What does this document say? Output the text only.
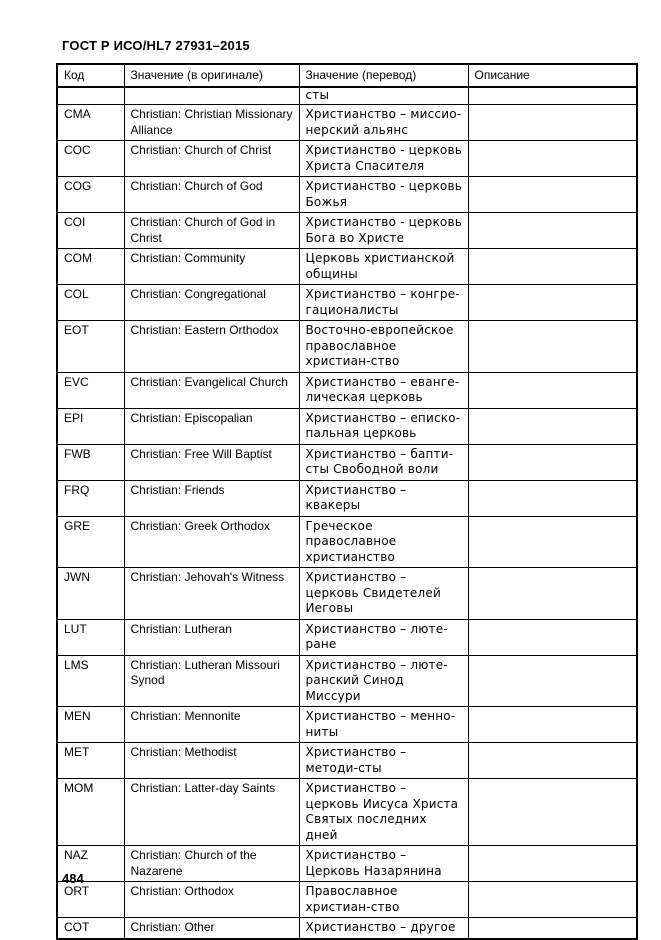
ГОСТ Р ИСО/HL7 27931–2015
Код	Значение (в оригинале)	Значение (перевод)	Описание
		сты	
CMA	Christian: Christian Missionary Alliance	Христианство – миссио-нерский альянс	
COC	Christian: Church of Christ	Христианство - церковь Христа Спасителя	
COG	Christian: Church of God	Христианство - церковь Божья	
COI	Christian: Church of God in Christ	Христианство - церковь Бога во Христе	
COM	Christian: Community	Церковь христианской общины	
COL	Christian: Congregational	Христианство – конгре-гационалисты	
EOT	Christian: Eastern Orthodox	Восточно-европейское православное христиан-ство	
EVC	Christian: Evangelical Church	Христианство – еванге-лическая церковь	
EPI	Christian: Episcopalian	Христианство – еписко-пальная церковь	
FWB	Christian: Free Will Baptist	Христианство – бапти-сты Свободной воли	
FRQ	Christian: Friends	Христианство – квакеры	
GRE	Christian: Greek Orthodox	Греческое православное христианство	
JWN	Christian: Jehovah's Witness	Христианство – церковь Свидетелей Иеговы	
LUT	Christian: Lutheran	Христианство – люте-ране	
LMS	Christian: Lutheran Missouri Synod	Христианство – люте-ранский Синод Миссури	
MEN	Christian: Mennonite	Христианство – менно-ниты	
MET	Christian: Methodist	Христианство – методи-сты	
MOM	Christian: Latter-day Saints	Христианство – церковь Иисуса Христа Святых последних дней	
NAZ	Christian: Church of the Nazarene	Христианство – Церковь Назарянина	
ORT	Christian: Orthodox	Православное христиан-ство	
COT	Christian: Other	Христианство – другое	
484
